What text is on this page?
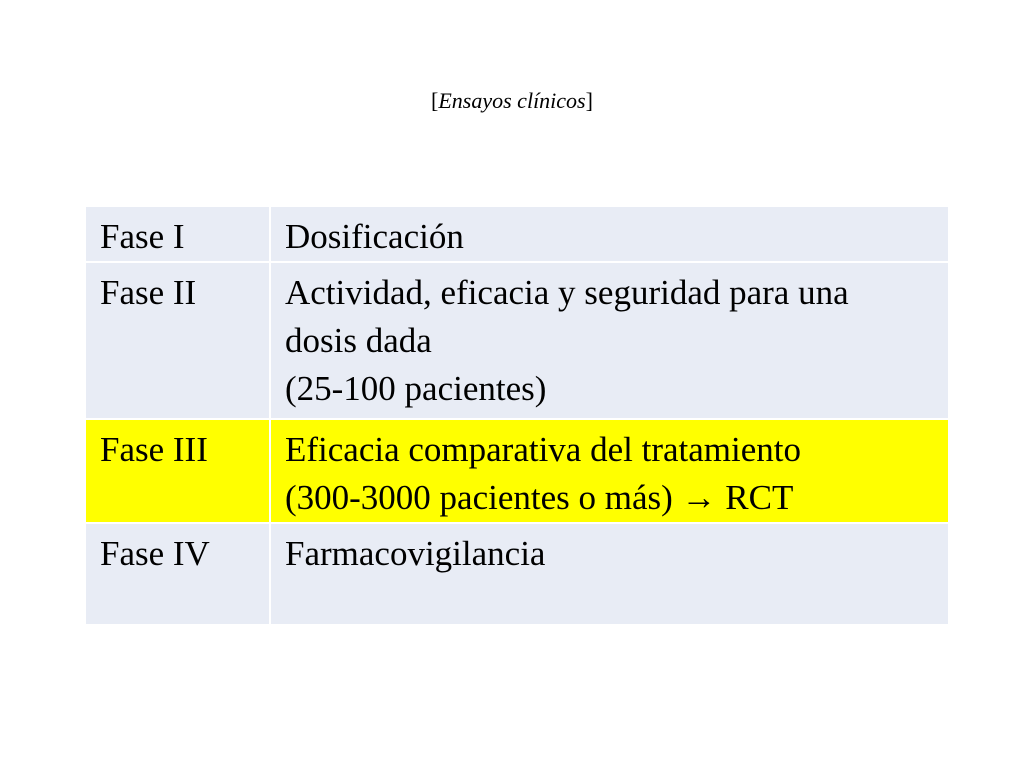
[Ensayos clínicos]
Fase I	Dosificación

Fase II	Actividad, eficacia y seguridad para una
dosis dada
(25-100 pacientes)

Fase III	Eficacia comparativa del tratamiento
(300-3000 pacientes o más) → RCT

Fase IV	Farmacovigilancia
